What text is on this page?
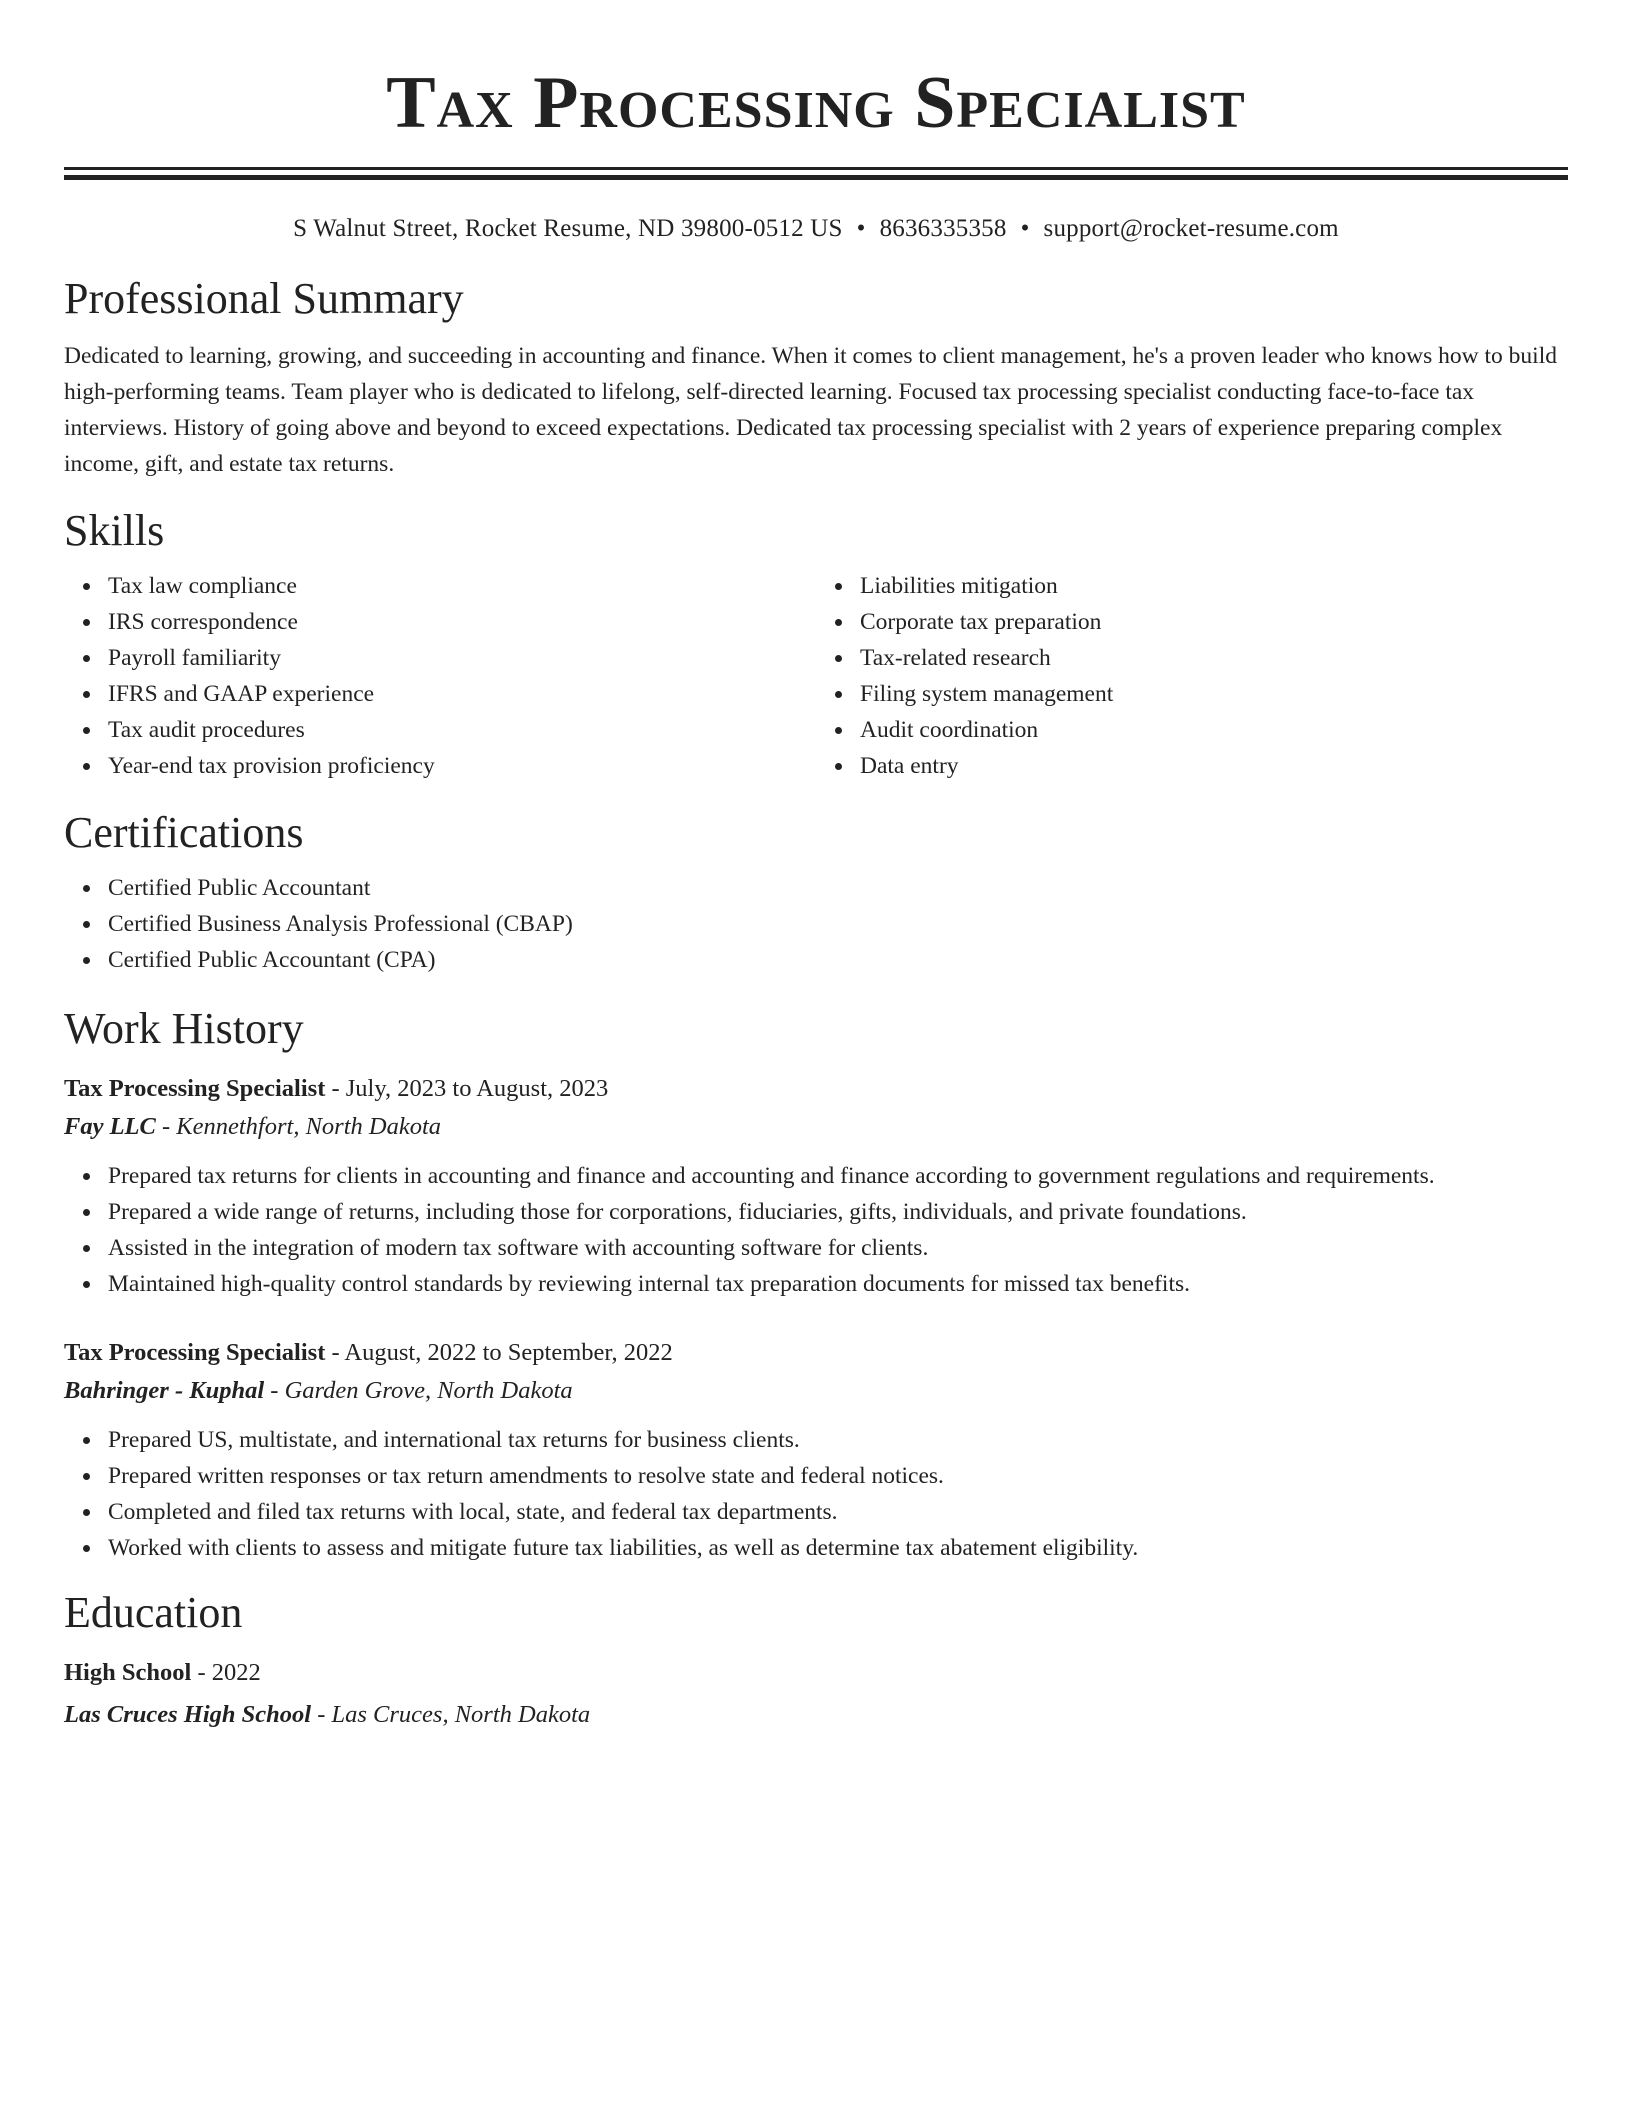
Tax Processing Specialist
S Walnut Street, Rocket Resume, ND 39800-0512 US • 8636335358 • support@rocket-resume.com
Professional Summary

Dedicated to learning, growing, and succeeding in accounting and finance. When it comes to client management, he's a proven leader who knows how to build high-performing teams. Team player who is dedicated to lifelong, self-directed learning. Focused tax processing specialist conducting face-to-face tax interviews. History of going above and beyond to exceed expectations. Dedicated tax processing specialist with 2 years of experience preparing complex income, gift, and estate tax returns.

Skills
Tax law compliance
IRS correspondence
Payroll familiarity
IFRS and GAAP experience
Tax audit procedures
Year-end tax provision proficiency
Liabilities mitigation
Corporate tax preparation
Tax-related research
Filing system management
Audit coordination
Data entry
Certifications
Certified Public Accountant
Certified Business Analysis Professional (CBAP)
Certified Public Accountant (CPA)
Work History
Tax Processing Specialist - July, 2023 to August, 2023
Fay LLC - Kennethfort, North Dakota
Prepared tax returns for clients in accounting and finance and accounting and finance according to government regulations and requirements.
Prepared a wide range of returns, including those for corporations, fiduciaries, gifts, individuals, and private foundations.
Assisted in the integration of modern tax software with accounting software for clients.
Maintained high-quality control standards by reviewing internal tax preparation documents for missed tax benefits.
Tax Processing Specialist - August, 2022 to September, 2022
Bahringer - Kuphal - Garden Grove, North Dakota
Prepared US, multistate, and international tax returns for business clients.
Prepared written responses or tax return amendments to resolve state and federal notices.
Completed and filed tax returns with local, state, and federal tax departments.
Worked with clients to assess and mitigate future tax liabilities, as well as determine tax abatement eligibility.
Education
High School - 2022
Las Cruces High School - Las Cruces, North Dakota
